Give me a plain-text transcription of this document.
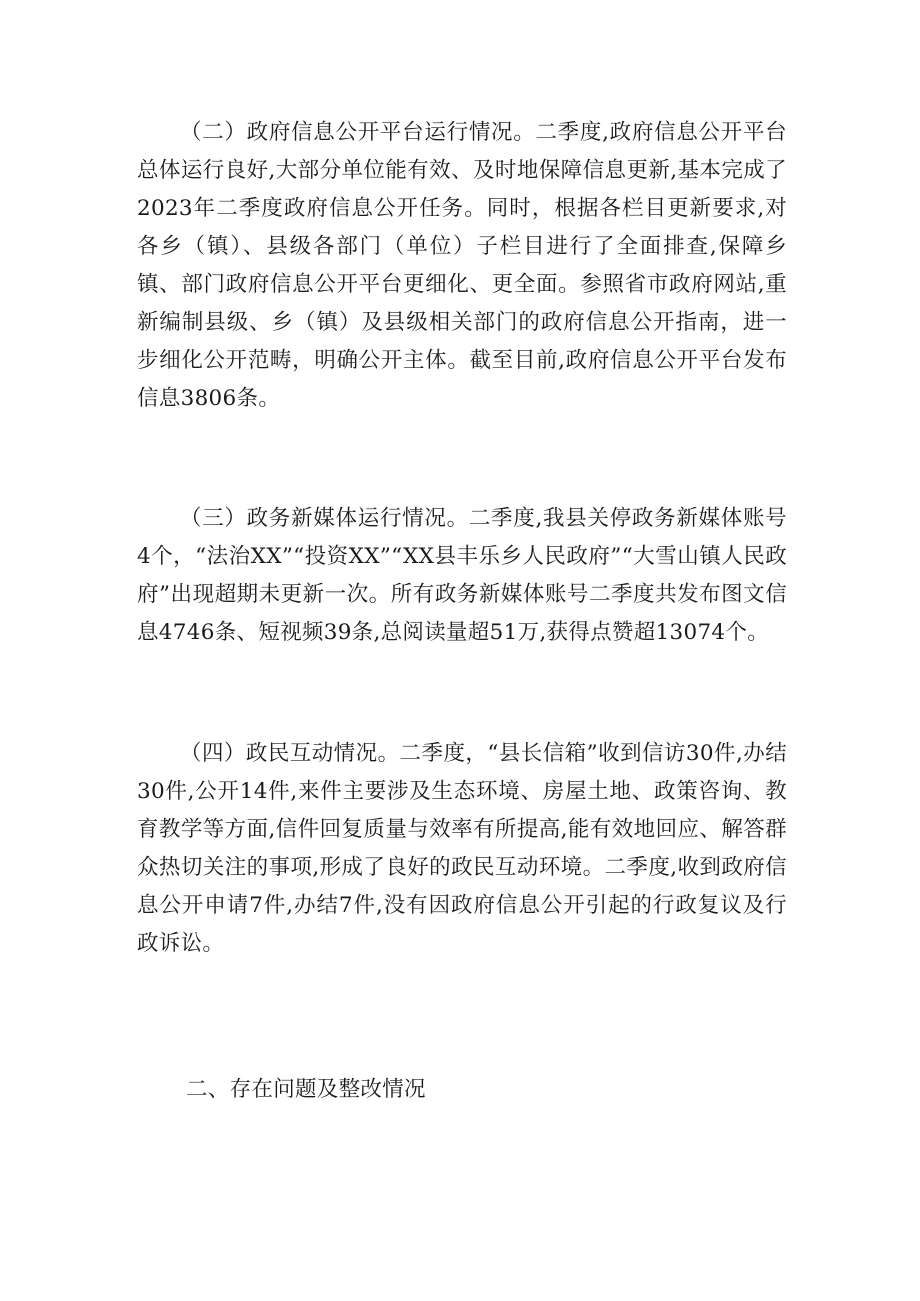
（二）政府信息公开平台运行情况。二季度,政府信息公开平台总体运行良好,大部分单位能有效、及时地保障信息更新,基本完成了2023年二季度政府信息公开任务。同时，根据各栏目更新要求,对各乡（镇）、县级各部门（单位）子栏目进行了全面排查,保障乡镇、部门政府信息公开平台更细化、更全面。参照省市政府网站,重新编制县级、乡（镇）及县级相关部门的政府信息公开指南，进一步细化公开范畴，明确公开主体。截至目前,政府信息公开平台发布信息3806条。

（三）政务新媒体运行情况。二季度,我县关停政务新媒体账号4个，“法治XX”“投资XX”“XX县丰乐乡人民政府”“大雪山镇人民政府”出现超期未更新一次。所有政务新媒体账号二季度共发布图文信息4746条、短视频39条,总阅读量超51万,获得点赞超13074个。

（四）政民互动情况。二季度，“县长信箱”收到信访30件,办结30件,公开14件,来件主要涉及生态环境、房屋土地、政策咨询、教育教学等方面,信件回复质量与效率有所提高,能有效地回应、解答群众热切关注的事项,形成了良好的政民互动环境。二季度,收到政府信息公开申请7件,办结7件,没有因政府信息公开引起的行政复议及行政诉讼。

二、存在问题及整改情况
